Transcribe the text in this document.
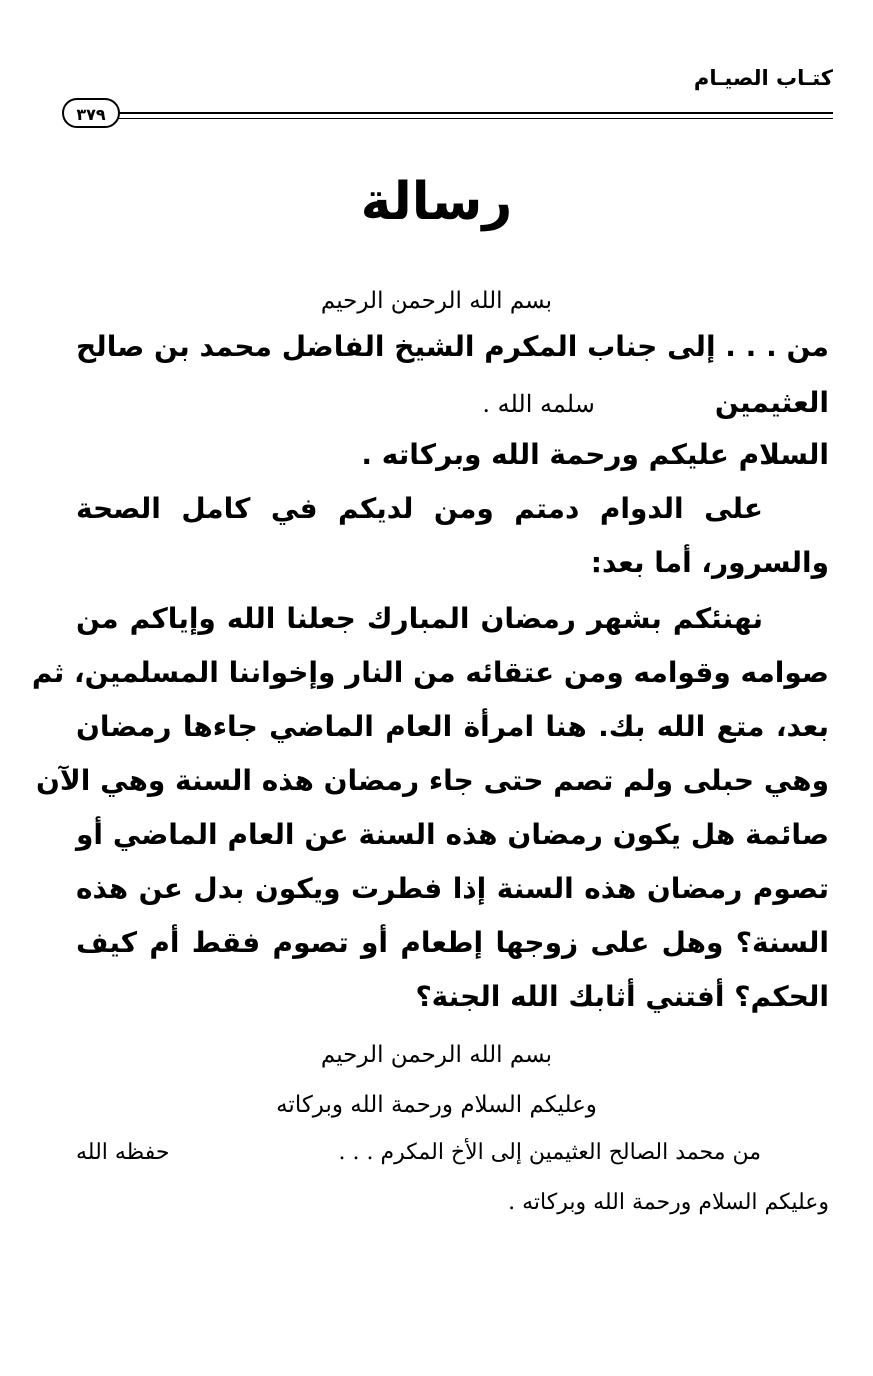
كتـاب الصيـام
٣٧٩
رسالة
بسم الله الرحمن الرحيم
من . . . إلى جناب المكرم الشيخ الفاضل محمد بن صالح
العثيمين
سلمه الله .
السلام عليكم ورحمة الله وبركاته .
على الدوام دمتم ومن لديكم في كامل الصحة
والسرور، أما بعد:
نهنئكم بشهر رمضان المبارك جعلنا الله وإياكم من
صوامه وقوامه ومن عتقائه من النار وإخواننا المسلمين، ثم
بعد، متع الله بك. هنا امرأة العام الماضي جاءها رمضان
وهي حبلى ولم تصم حتى جاء رمضان هذه السنة وهي الآن
صائمة هل يكون رمضان هذه السنة عن العام الماضي أو
تصوم رمضان هذه السنة إذا فطرت ويكون بدل عن هذه
السنة؟ وهل على زوجها إطعام أو تصوم فقط أم كيف
الحكم؟ أفتني أثابك الله الجنة؟
بسم الله الرحمن الرحيم
وعليكم السلام ورحمة الله وبركاته
من محمد الصالح العثيمين إلى الأخ المكرم . . .
حفظه الله
وعليكم السلام ورحمة الله وبركاته .
